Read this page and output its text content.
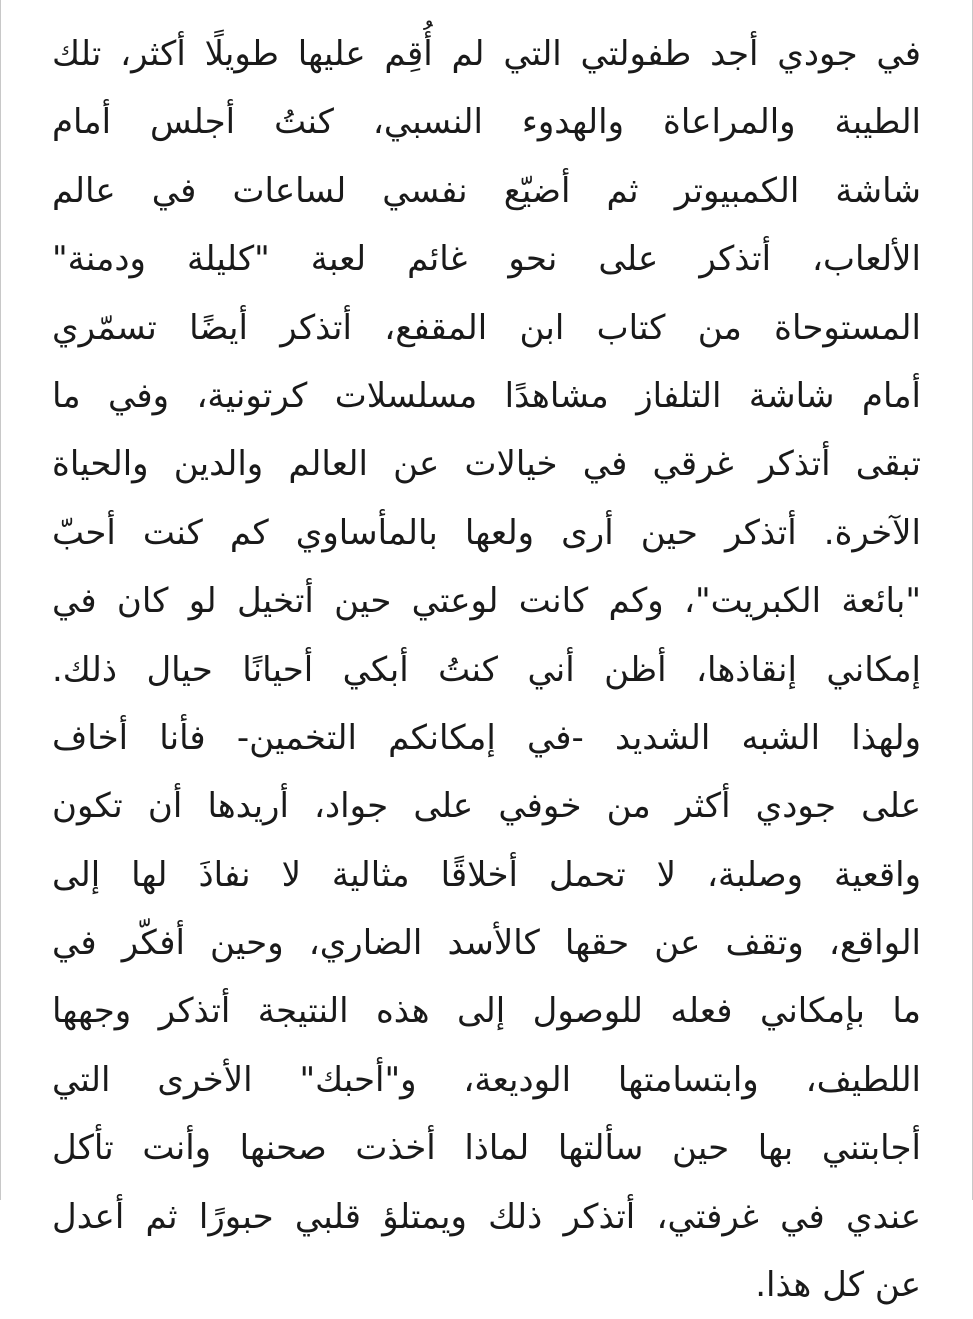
في جودي أجد طفولتي التي لم أُقِم عليها طويلًا أكثر، تلك
الطيبة والمراعاة والهدوء النسبي، كنتُ أجلس أمام
شاشة الكمبيوتر ثم أضيّع نفسي لساعات في عالم
الألعاب، أتذكر على نحو غائم لعبة "كليلة ودمنة"
المستوحاة من كتاب ابن المقفع، أتذكر أيضًا تسمّري
أمام شاشة التلفاز مشاهدًا مسلسلات كرتونية، وفي ما
تبقى أتذكر غرقي في خيالات عن العالم والدين والحياة
الآخرة. أتذكر حين أرى ولعها بالمأساوي كم كنت أحبّ
"بائعة الكبريت"، وكم كانت لوعتي حين أتخيل لو كان في
إمكاني إنقاذها، أظن أني كنتُ أبكي أحيانًا حيال ذلك.
ولهذا الشبه الشديد -في إمكانكم التخمين- فأنا أخاف
على جودي أكثر من خوفي على جواد، أريدها أن تكون
واقعية وصلبة، لا تحمل أخلاقًا مثالية لا نفاذَ لها إلى
الواقع، وتقف عن حقها كالأسد الضاري، وحين أفكّر في
ما بإمكاني فعله للوصول إلى هذه النتيجة أتذكر وجهها
اللطيف، وابتسامتها الوديعة، و"أحبك" الأخرى التي
أجابتني بها حين سألتها لماذا أخذت صحنها وأنت تأكل
عندي في غرفتي، أتذكر ذلك ويمتلؤ قلبي حبورًا ثم أعدل
عن كل هذا.
